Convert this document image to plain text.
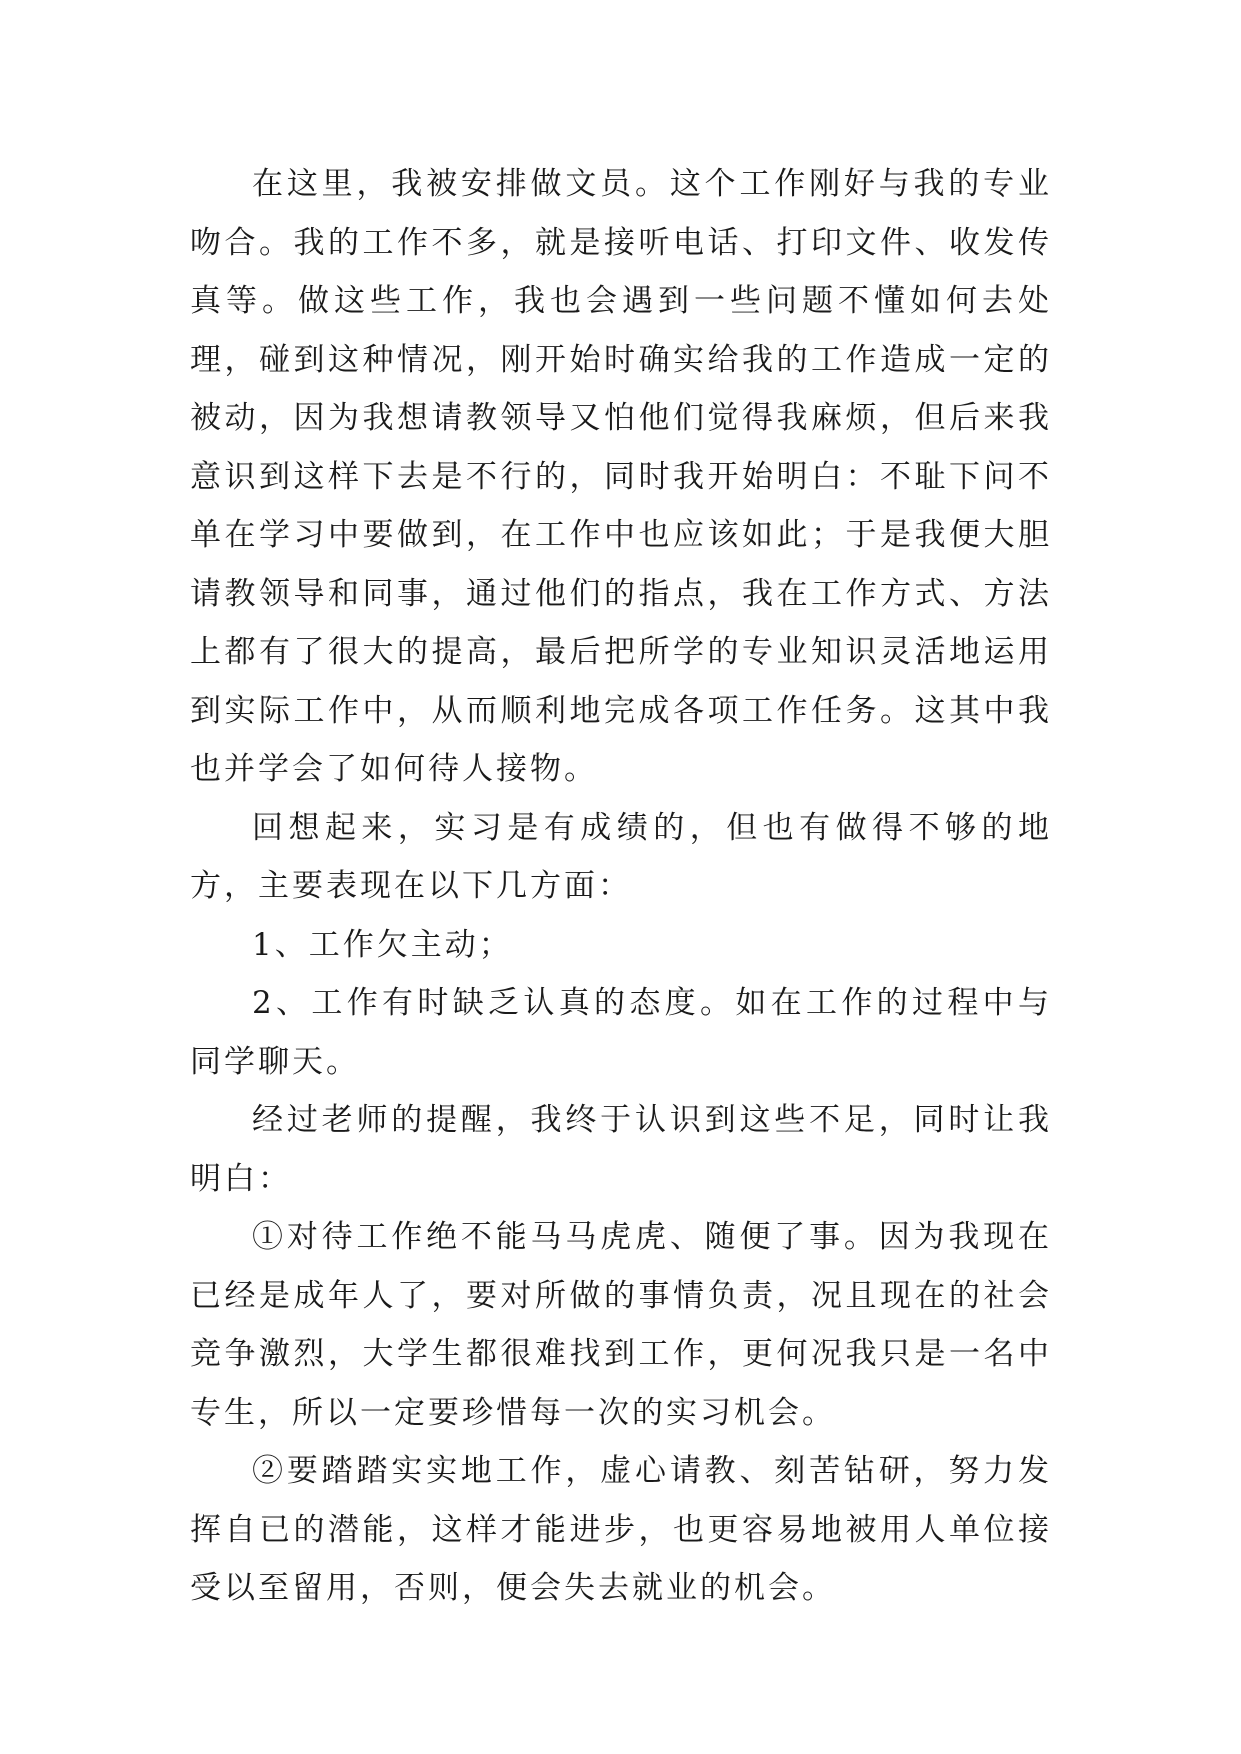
在这里，我被安排做文员。这个工作刚好与我的专业吻合。我的工作不多，就是接听电话、打印文件、收发传真等。做这些工作，我也会遇到一些问题不懂如何去处理，碰到这种情况，刚开始时确实给我的工作造成一定的被动，因为我想请教领导又怕他们觉得我麻烦，但后来我意识到这样下去是不行的，同时我开始明白：不耻下问不单在学习中要做到，在工作中也应该如此；于是我便大胆请教领导和同事，通过他们的指点，我在工作方式、方法上都有了很大的提高，最后把所学的专业知识灵活地运用到实际工作中，从而顺利地完成各项工作任务。这其中我也并学会了如何待人接物。

回想起来，实习是有成绩的，但也有做得不够的地方，主要表现在以下几方面：

1、工作欠主动；

2、工作有时缺乏认真的态度。如在工作的过程中与同学聊天。

经过老师的提醒，我终于认识到这些不足，同时让我明白：

①对待工作绝不能马马虎虎、随便了事。因为我现在已经是成年人了，要对所做的事情负责，况且现在的社会竞争激烈，大学生都很难找到工作，更何况我只是一名中专生，所以一定要珍惜每一次的实习机会。

②要踏踏实实地工作，虚心请教、刻苦钻研，努力发挥自已的潜能，这样才能进步，也更容易地被用人单位接受以至留用，否则，便会失去就业的机会。
